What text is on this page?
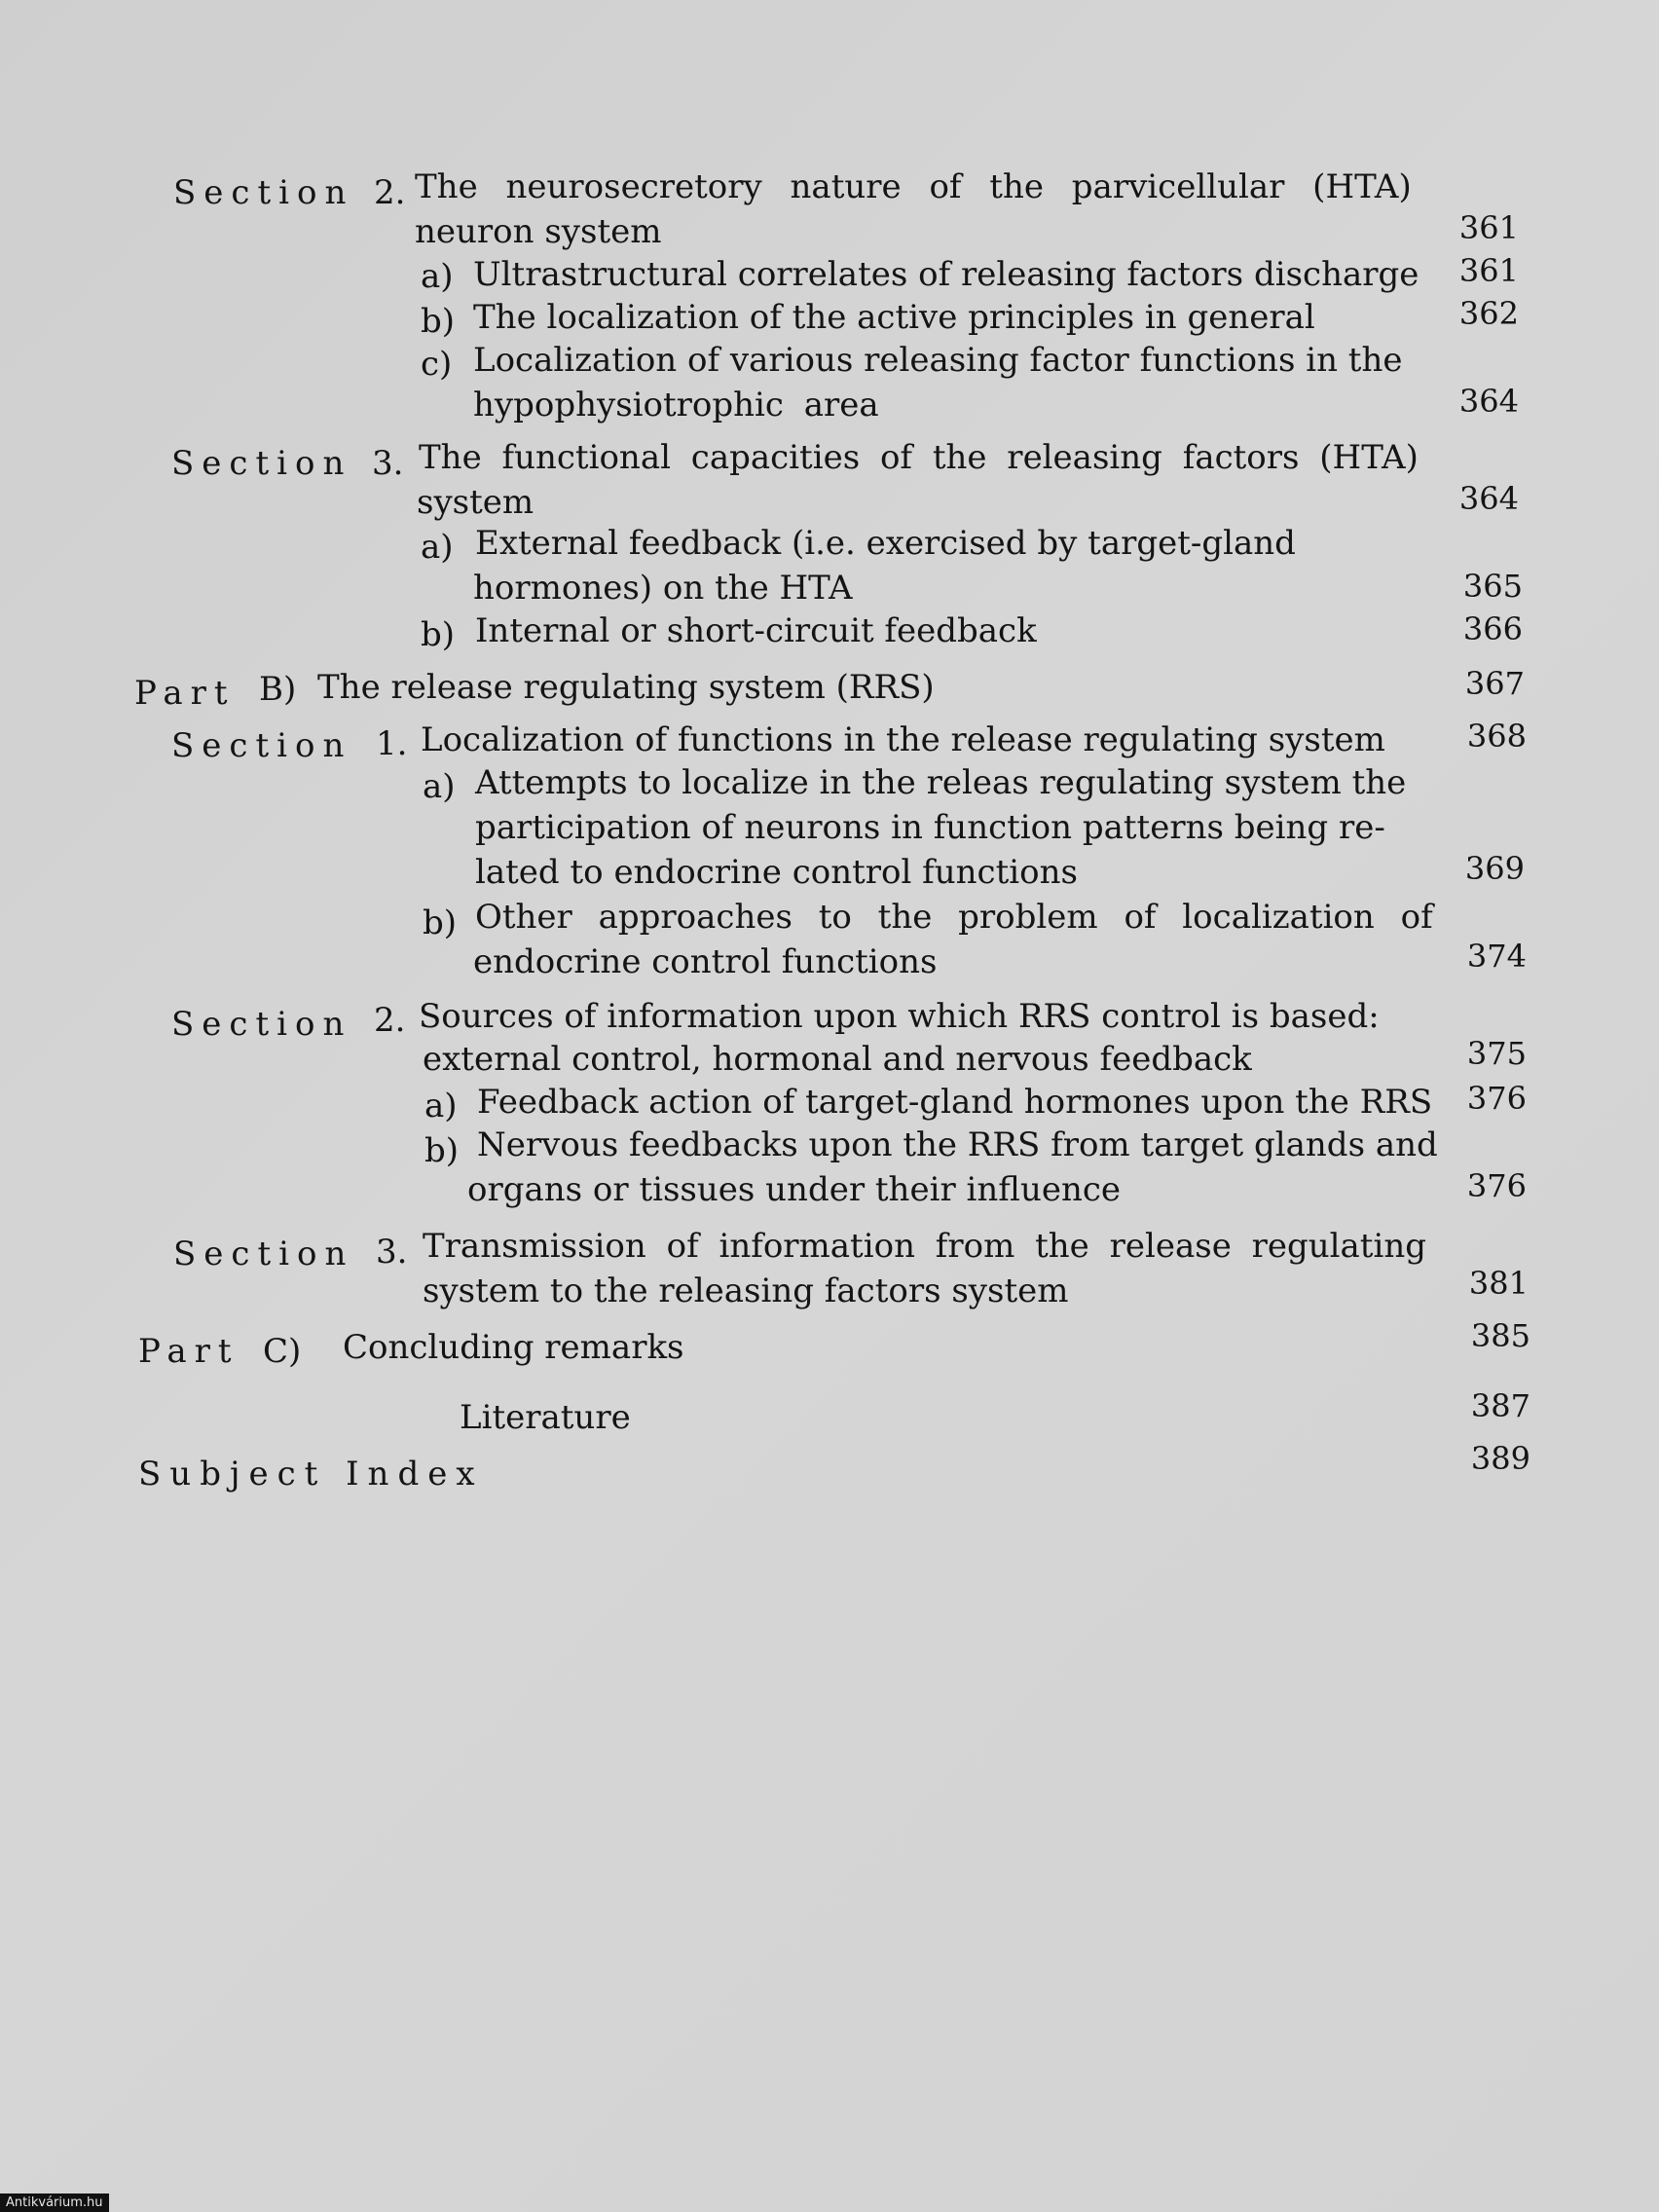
Section 2. The neurosecretory nature of the parvicellular (HTA)
neuron system	361
a) Ultrastructural correlates of releasing factors discharge	361
b) The localization of the active principles in general	362
c) Localization of various releasing factor functions in the
hypophysiotrophic area	364
Section 3. The functional capacities of the releasing factors (HTA)
system	364
a) External feedback (i.e. exercised by target-gland
hormones) on the HTA	365
b) Internal or short-circuit feedback	366
Part B) The release regulating system (RRS)	367
Section 1. Localization of functions in the release regulating system	368
a) Attempts to localize in the releas regulating system the
participation of neurons in function patterns being re-
lated to endocrine control functions	369
b) Other approaches to the problem of localization of
endocrine control functions	374
Section 2. Sources of information upon which RRS control is based:
external control, hormonal and nervous feedback	375
a) Feedback action of target-gland hormones upon the RRS	376
b) Nervous feedbacks upon the RRS from target glands and
organs or tissues under their influence	376
Section 3. Transmission of information from the release regulating
system to the releasing factors system	381
Part C) Concluding remarks	385
Literature	387
Subject Index	389
Antikvárium.hu
